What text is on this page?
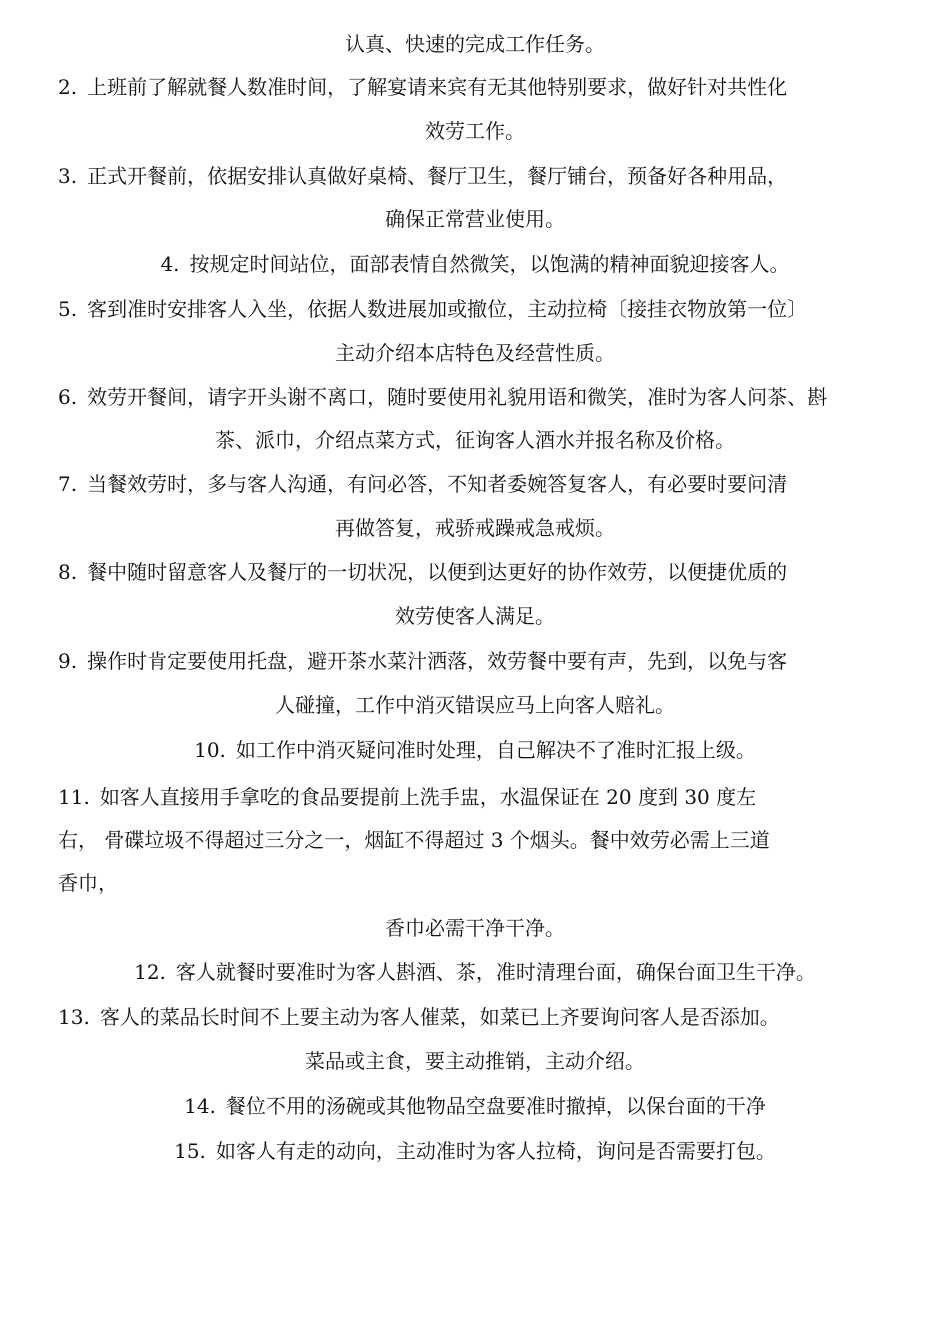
认真、快速的完成工作任务。

2. 上班前了解就餐人数准时间，了解宴请来宾有无其他特别要求，做好针对共性化

效劳工作。

3. 正式开餐前，依据安排认真做好桌椅、餐厅卫生，餐厅铺台，预备好各种用品，

确保正常营业使用。

4. 按规定时间站位，面部表情自然微笑，以饱满的精神面貌迎接客人。

5. 客到准时安排客人入坐，依据人数进展加或撤位，主动拉椅〔接挂衣物放第一位〕

主动介绍本店特色及经营性质。

6. 效劳开餐间，请字开头谢不离口，随时要使用礼貌用语和微笑，准时为客人问茶、斟

茶、派巾，介绍点菜方式，征询客人酒水并报名称及价格。

7. 当餐效劳时，多与客人沟通，有问必答，不知者委婉答复客人，有必要时要问清

再做答复，戒骄戒躁戒急戒烦。

8. 餐中随时留意客人及餐厅的一切状况，以便到达更好的协作效劳，以便捷优质的

效劳使客人满足。

9. 操作时肯定要使用托盘，避开茶水菜汁洒落，效劳餐中要有声，先到，以免与客

人碰撞，工作中消灭错误应马上向客人赔礼。

10. 如工作中消灭疑问准时处理，自己解决不了准时汇报上级。

11. 如客人直接用手拿吃的食品要提前上洗手盅，水温保证在 20 度到 30 度左

右， 骨碟垃圾不得超过三分之一，烟缸不得超过 3 个烟头。餐中效劳必需上三道

香巾，

香巾必需干净干净。

12. 客人就餐时要准时为客人斟酒、茶，准时清理台面，确保台面卫生干净。

13. 客人的菜品长时间不上要主动为客人催菜，如菜已上齐要询问客人是否添加。

菜品或主食，要主动推销，主动介绍。

14. 餐位不用的汤碗或其他物品空盘要准时撤掉，以保台面的干净

15. 如客人有走的动向，主动准时为客人拉椅，询问是否需要打包。
